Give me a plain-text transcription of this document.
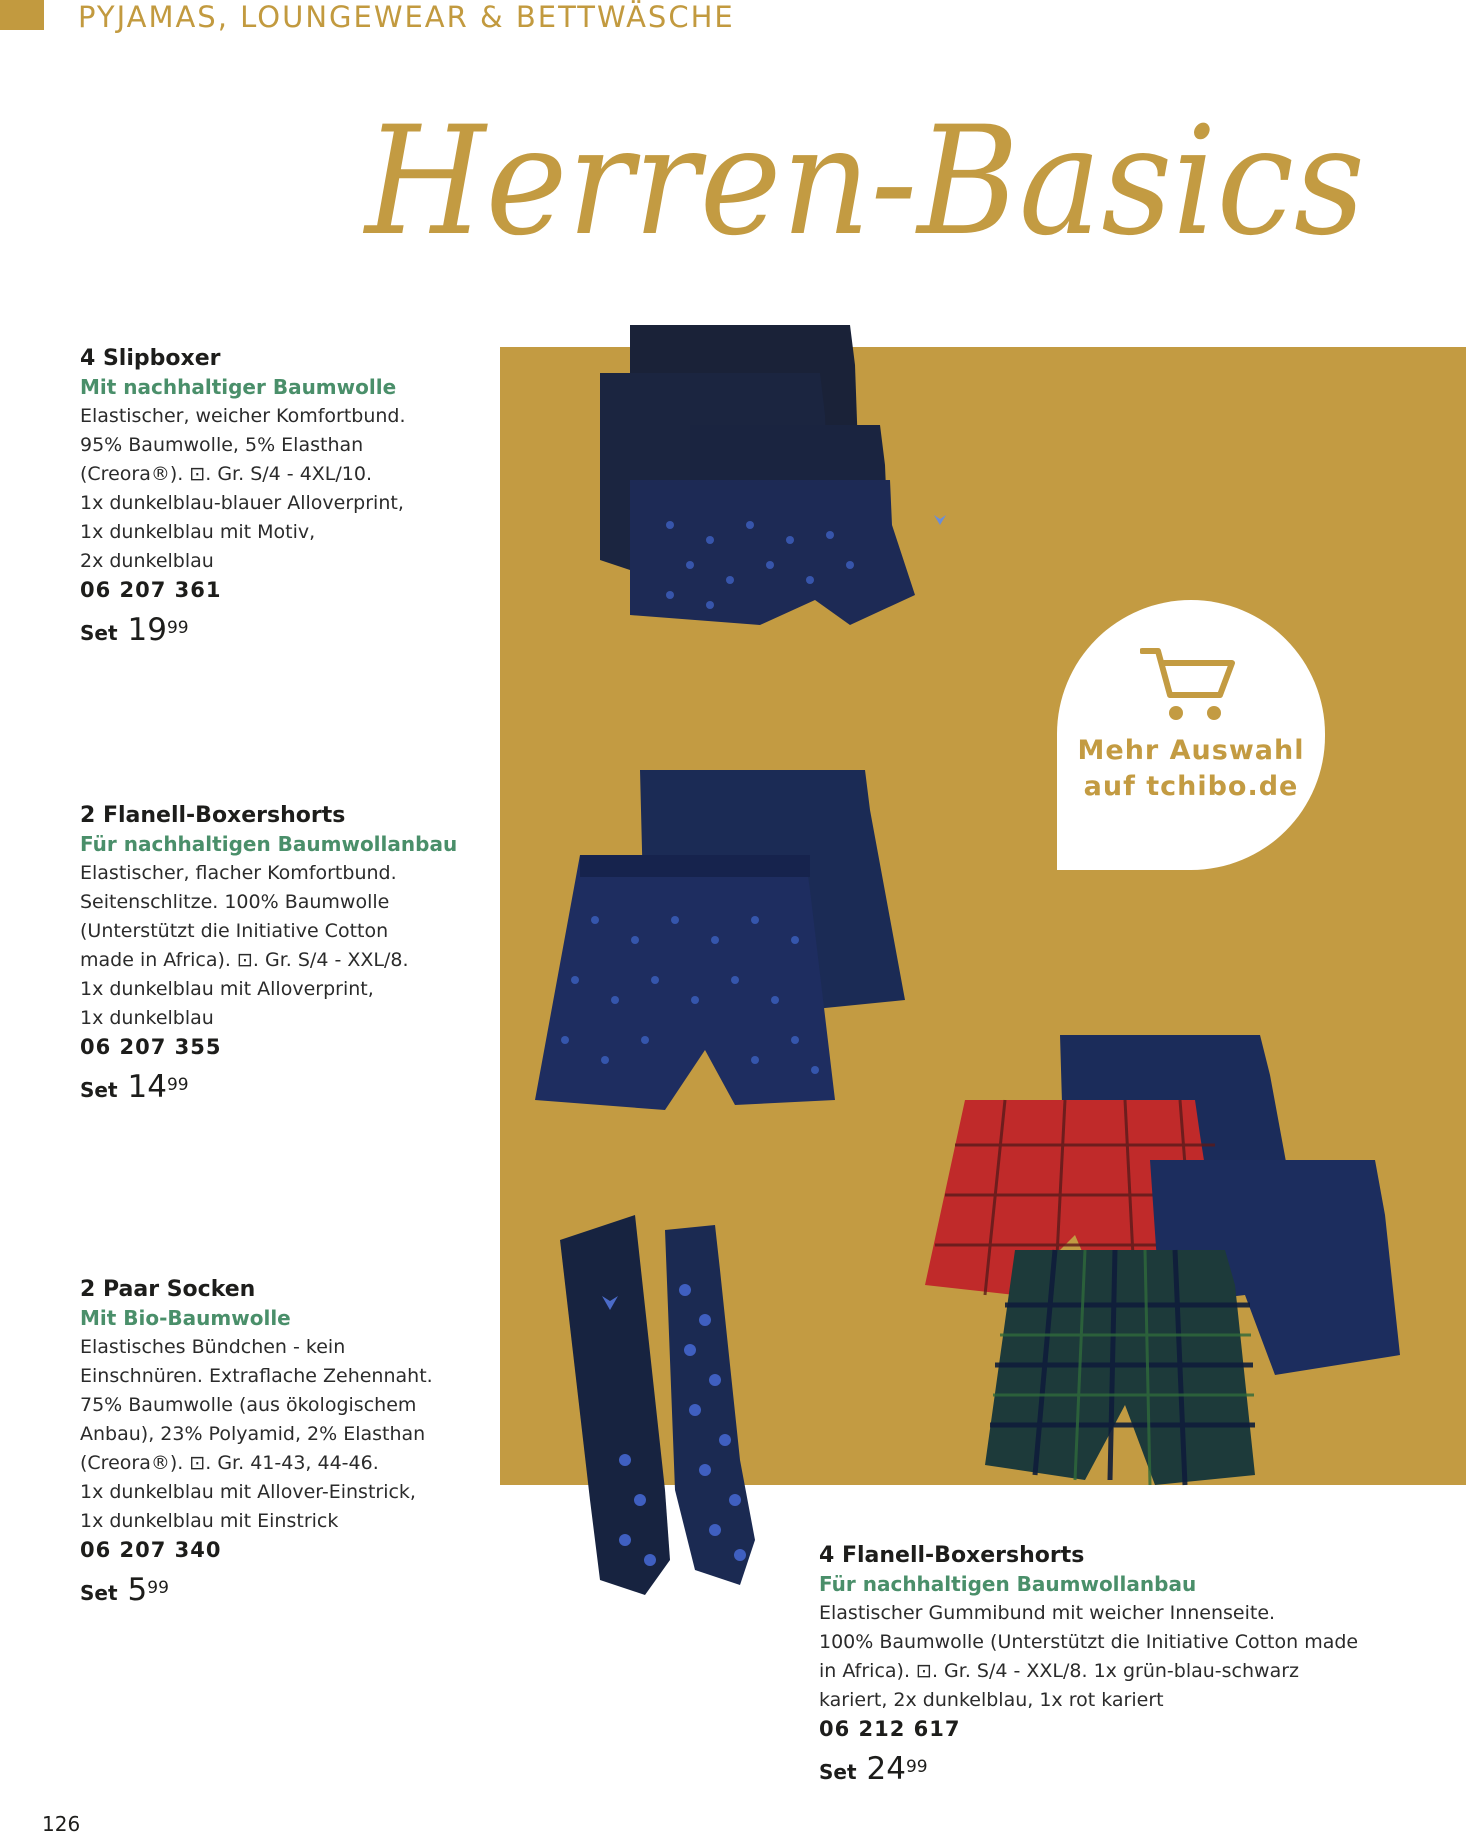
PYJAMAS, LOUNGEWEAR & BETTWÄSCHE
Herren-Basics
Mehr Auswahl
auf tchibo.de
4 Slipboxer
Mit nachhaltiger Baumwolle
Elastischer, weicher Komfortbund.
95% Baumwolle, 5% Elasthan
(Creora®). ⊡. Gr. S/4 - 4XL/10.
1x dunkelblau-blauer Alloverprint,
1x dunkelblau mit Motiv,
2x dunkelblau
06 207 361
Set 1999
2 Flanell-Boxershorts
Für nachhaltigen Baumwollanbau
Elastischer, flacher Komfortbund.
Seitenschlitze. 100% Baumwolle
(Unterstützt die Initiative Cotton
made in Africa). ⊡. Gr. S/4 - XXL/8.
1x dunkelblau mit Alloverprint,
1x dunkelblau
06 207 355
Set 1499
2 Paar Socken
Mit Bio-Baumwolle
Elastisches Bündchen - kein
Einschnüren. Extraflache Zehennaht.
75% Baumwolle (aus ökologischem
Anbau), 23% Polyamid, 2% Elasthan
(Creora®). ⊡. Gr. 41-43, 44-46.
1x dunkelblau mit Allover-Einstrick,
1x dunkelblau mit Einstrick
06 207 340
Set 599
4 Flanell-Boxershorts
Für nachhaltigen Baumwollanbau
Elastischer Gummibund mit weicher Innenseite.
100% Baumwolle (Unterstützt die Initiative Cotton made
in Africa). ⊡. Gr. S/4 - XXL/8. 1x grün-blau-schwarz
kariert, 2x dunkelblau, 1x rot kariert
06 212 617
Set 2499
126
